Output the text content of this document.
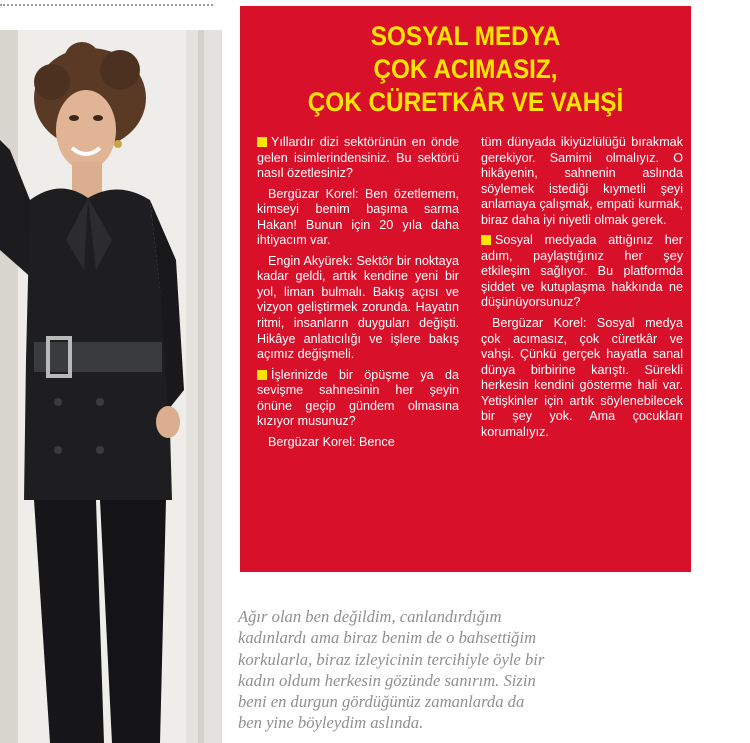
SOSYAL MEDYA
ÇOK ACIMASIZ,
ÇOK CÜRETKÂR VE VAHŞİ

Yıllardır dizi sektörünün en önde gelen isimlerindensiniz. Bu sektörü nasıl özetlesiniz?

Bergüzar Korel: Ben özetlemem, kimseyi benim başıma sarma Hakan! Bunun için 20 yıla daha ihtiyacım var.

Engin Akyürek: Sektör bir noktaya kadar geldi, artık kendine yeni bir yol, liman bulmalı. Bakış açısı ve vizyon geliştirmek zorunda. Hayatın ritmi, insanların duyguları değişti. Hikâye anlatıcılığı ve işlere bakış açımız değişmeli.

İşlerinizde bir öpüşme ya da sevişme sahnesinin her şeyin önüne geçip gündem olmasına kızıyor musunuz?

Bergüzar Korel: Bence

tüm dünyada ikiyüzlülüğü bırakmak gerekiyor. Samimi olmalıyız. O hikâyenin, sahnenin aslında söylemek istediği kıymetli şeyi anlamaya çalışmak, empati kurmak, biraz daha iyi niyetli olmak gerek.

Sosyal medyada attığınız her adım, paylaştığınız her şey etkileşim sağlıyor. Bu platformda şiddet ve kutuplaşma hakkında ne düşünüyorsunuz?

Bergüzar Korel: Sosyal medya çok acımasız, çok cüretkâr ve vahşi. Çünkü gerçek hayatla sanal dünya birbirine karıştı. Sürekli herkesin kendini gösterme hali var. Yetişkinler için artık söylenebilecek bir şey yok. Ama çocukları korumalıyız.

Ağır olan ben değildim, canlandırdığım
kadınlardı ama biraz benim de o bahsettiğim
korkularla, biraz izleyicinin tercihiyle öyle bir
kadın oldum herkesin gözünde sanırım. Sizin
beni en durgun gördüğünüz zamanlarda da
ben yine böyleydim aslında.
